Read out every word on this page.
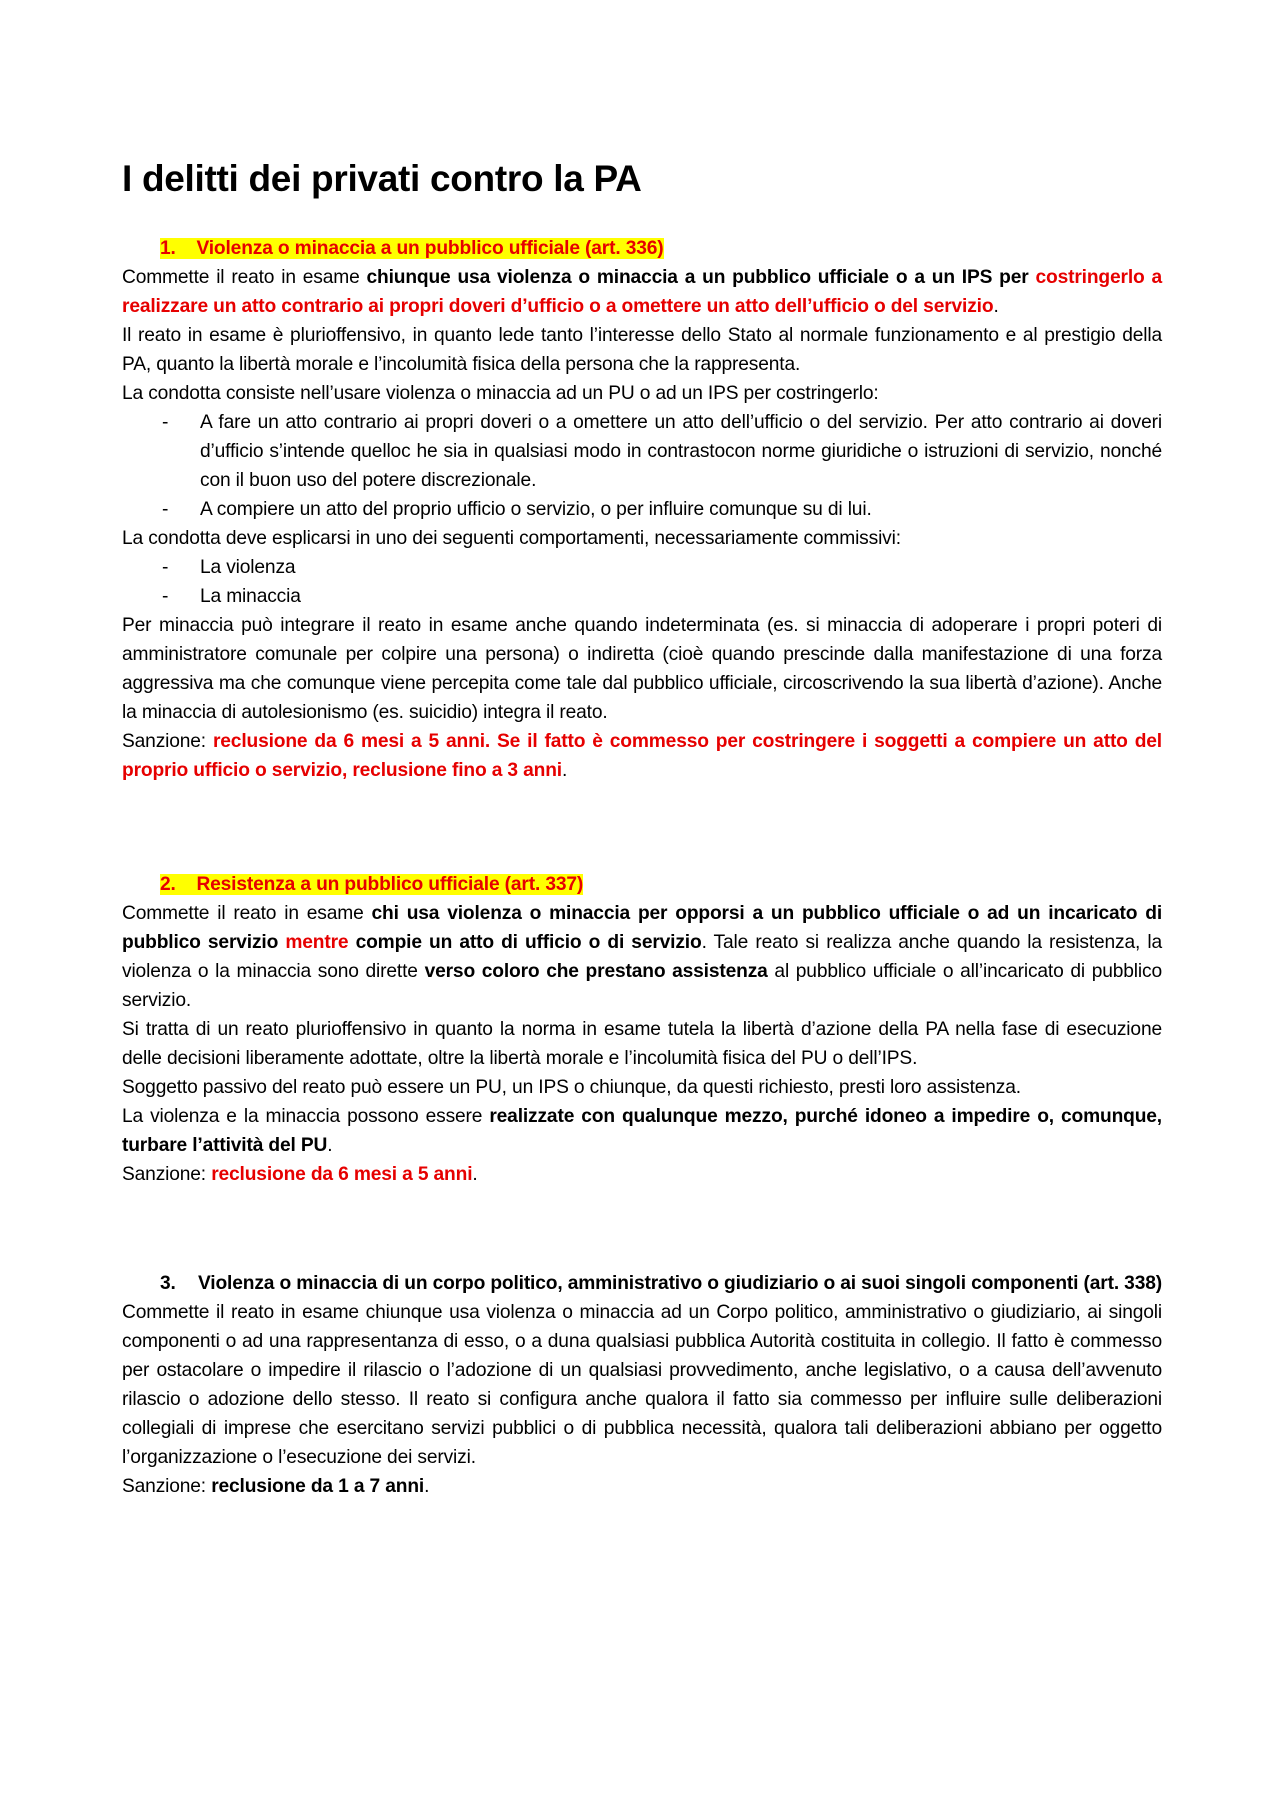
I delitti dei privati contro la PA
1. Violenza o minaccia a un pubblico ufficiale (art. 336)

Commette il reato in esame chiunque usa violenza o minaccia a un pubblico ufficiale o a un IPS per costringerlo a realizzare un atto contrario ai propri doveri d’ufficio o a omettere un atto dell’ufficio o del servizio.

Il reato in esame è plurioffensivo, in quanto lede tanto l’interesse dello Stato al normale funzionamento e al prestigio della PA, quanto la libertà morale e l’incolumità fisica della persona che la rappresenta.

La condotta consiste nell’usare violenza o minaccia ad un PU o ad un IPS per costringerlo:

- A fare un atto contrario ai propri doveri o a omettere un atto dell’ufficio o del servizio. Per atto contrario ai doveri d’ufficio s’intende quelloc he sia in qualsiasi modo in contrastocon norme giuridiche o istruzioni di servizio, nonché con il buon uso del potere discrezionale.

- A compiere un atto del proprio ufficio o servizio, o per influire comunque su di lui.

La condotta deve esplicarsi in uno dei seguenti comportamenti, necessariamente commissivi:

- La violenza

- La minaccia

Per minaccia può integrare il reato in esame anche quando indeterminata (es. si minaccia di adoperare i propri poteri di amministratore comunale per colpire una persona) o indiretta (cioè quando prescinde dalla manifestazione di una forza aggressiva ma che comunque viene percepita come tale dal pubblico ufficiale, circoscrivendo la sua libertà d’azione). Anche la minaccia di autolesionismo (es. suicidio) integra il reato.

Sanzione: reclusione da 6 mesi a 5 anni. Se il fatto è commesso per costringere i soggetti a compiere un atto del proprio ufficio o servizio, reclusione fino a 3 anni.

2. Resistenza a un pubblico ufficiale (art. 337)

Commette il reato in esame chi usa violenza o minaccia per opporsi a un pubblico ufficiale o ad un incaricato di pubblico servizio mentre compie un atto di ufficio o di servizio. Tale reato si realizza anche quando la resistenza, la violenza o la minaccia sono dirette verso coloro che prestano assistenza al pubblico ufficiale o all’incaricato di pubblico servizio.

Si tratta di un reato plurioffensivo in quanto la norma in esame tutela la libertà d’azione della PA nella fase di esecuzione delle decisioni liberamente adottate, oltre la libertà morale e l’incolumità fisica del PU o dell’IPS.

Soggetto passivo del reato può essere un PU, un IPS o chiunque, da questi richiesto, presti loro assistenza.

La violenza e la minaccia possono essere realizzate con qualunque mezzo, purché idoneo a impedire o, comunque, turbare l’attività del PU.

Sanzione: reclusione da 6 mesi a 5 anni.

3.	Violenza o minaccia di un corpo politico, amministrativo o giudiziario o ai suoi singoli componenti (art. 338)

Commette il reato in esame chiunque usa violenza o minaccia ad un Corpo politico, amministrativo o giudiziario, ai singoli componenti o ad una rappresentanza di esso, o a duna qualsiasi pubblica Autorità costituita in collegio. Il fatto è commesso per ostacolare o impedire il rilascio o l’adozione di un qualsiasi provvedimento, anche legislativo, o a causa dell’avvenuto rilascio o adozione dello stesso. Il reato si configura anche qualora il fatto sia commesso per influire sulle deliberazioni collegiali di imprese che esercitano servizi pubblici o di pubblica necessità, qualora tali deliberazioni abbiano per oggetto l’organizzazione o l’esecuzione dei servizi.

Sanzione: reclusione da 1 a 7 anni.
